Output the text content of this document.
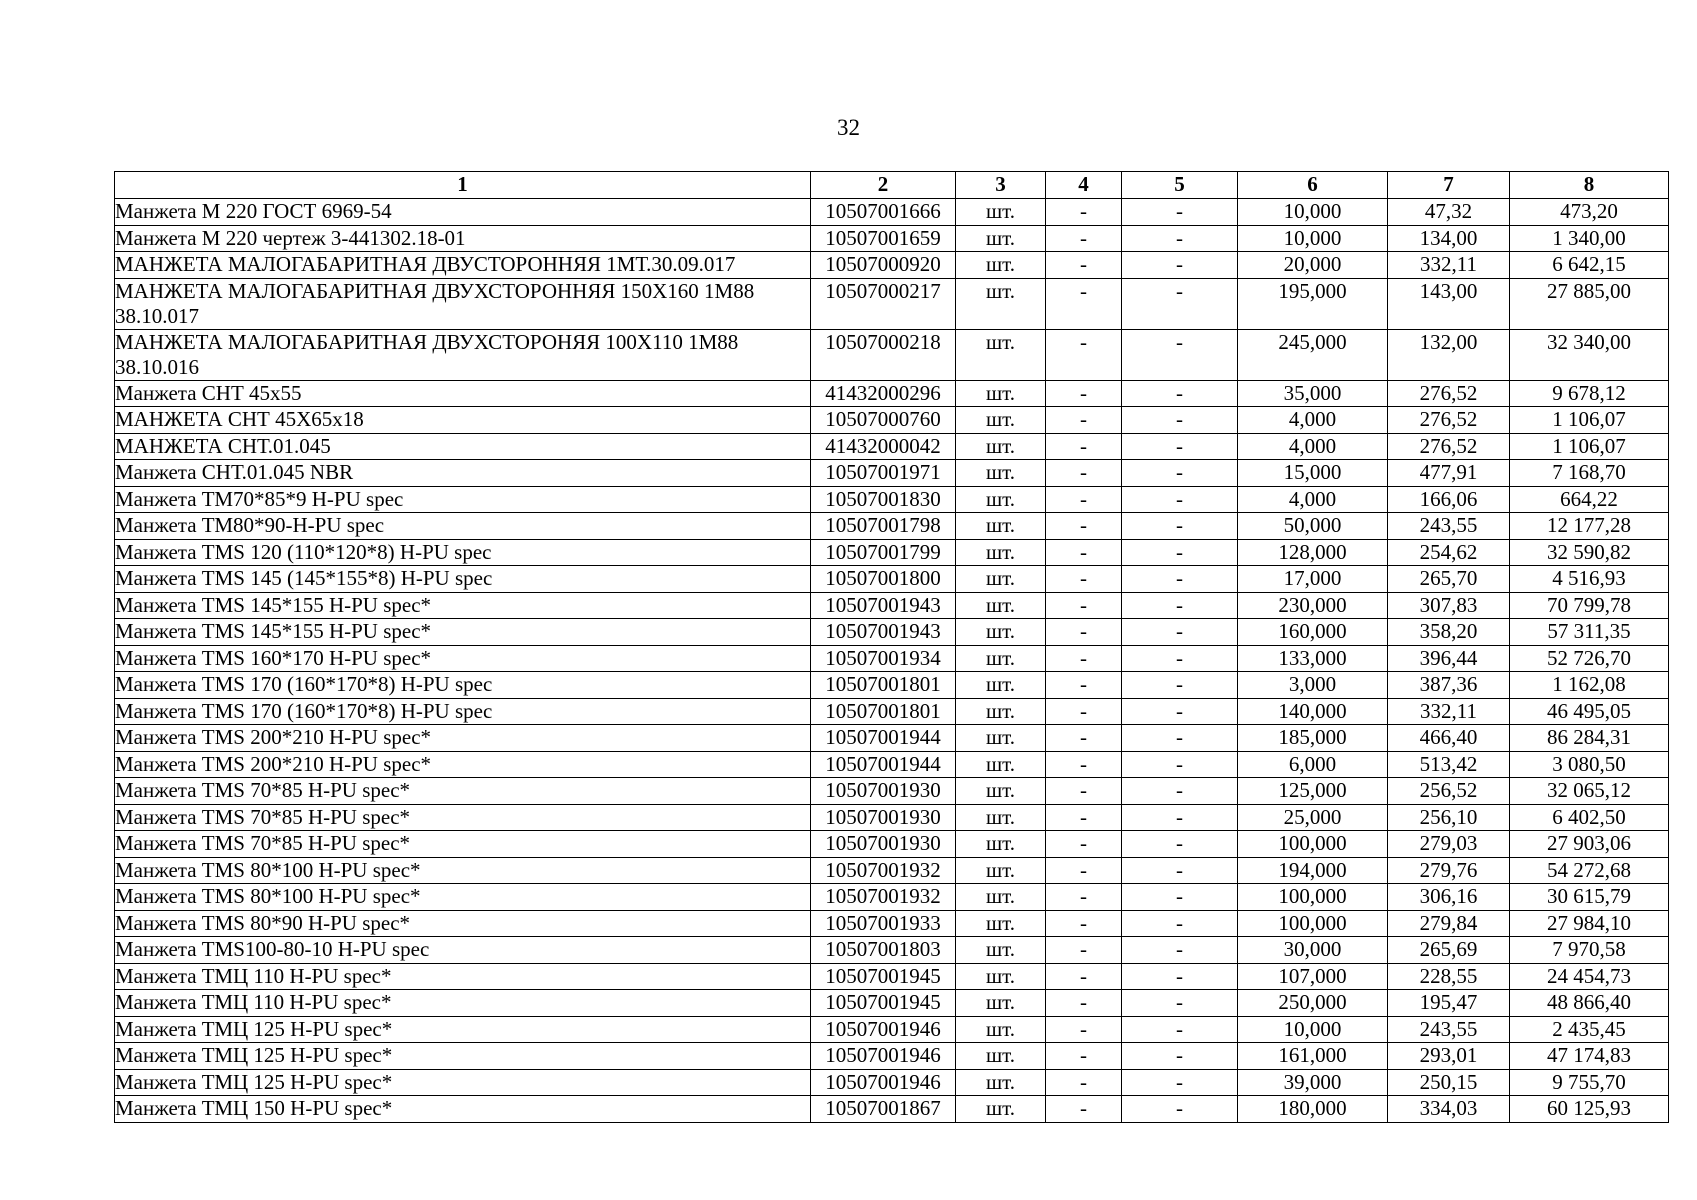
32
1	2	3	4	5	6	7	8
Манжета М 220 ГОСТ 6969-54	10507001666	шт.	-	-	10,000	47,32	473,20
Манжета М 220 чертеж 3-441302.18-01	10507001659	шт.	-	-	10,000	134,00	1 340,00
МАНЖЕТА МАЛОГАБАРИТНАЯ ДВУСТОРОННЯЯ 1МТ.30.09.017	10507000920	шт.	-	-	20,000	332,11	6 642,15
МАНЖЕТА МАЛОГАБАРИТНАЯ ДВУХСТОРОННЯЯ 150Х160 1М88 38.10.017	10507000217	шт.	-	-	195,000	143,00	27 885,00
МАНЖЕТА МАЛОГАБАРИТНАЯ ДВУХСТОРОНЯЯ 100Х110 1М88 38.10.016	10507000218	шт.	-	-	245,000	132,00	32 340,00
Манжета СНТ 45х55	41432000296	шт.	-	-	35,000	276,52	9 678,12
МАНЖЕТА СНТ 45Х65х18	10507000760	шт.	-	-	4,000	276,52	1 106,07
МАНЖЕТА СНТ.01.045	41432000042	шт.	-	-	4,000	276,52	1 106,07
Манжета СНТ.01.045 NBR	10507001971	шт.	-	-	15,000	477,91	7 168,70
Манжета ТМ70*85*9 H-PU spec	10507001830	шт.	-	-	4,000	166,06	664,22
Манжета ТМ80*90-H-PU spec	10507001798	шт.	-	-	50,000	243,55	12 177,28
Манжета TMS 120 (110*120*8) H-PU spec	10507001799	шт.	-	-	128,000	254,62	32 590,82
Манжета TMS 145 (145*155*8) H-PU spec	10507001800	шт.	-	-	17,000	265,70	4 516,93
Манжета TMS 145*155 H-PU spec*	10507001943	шт.	-	-	230,000	307,83	70 799,78
Манжета TMS 145*155 H-PU spec*	10507001943	шт.	-	-	160,000	358,20	57 311,35
Манжета TMS 160*170 H-PU spec*	10507001934	шт.	-	-	133,000	396,44	52 726,70
Манжета TMS 170 (160*170*8) H-PU spec	10507001801	шт.	-	-	3,000	387,36	1 162,08
Манжета TMS 170 (160*170*8) H-PU spec	10507001801	шт.	-	-	140,000	332,11	46 495,05
Манжета TMS 200*210 H-PU spec*	10507001944	шт.	-	-	185,000	466,40	86 284,31
Манжета TMS 200*210 H-PU spec*	10507001944	шт.	-	-	6,000	513,42	3 080,50
Манжета TMS 70*85 H-PU spec*	10507001930	шт.	-	-	125,000	256,52	32 065,12
Манжета TMS 70*85 H-PU spec*	10507001930	шт.	-	-	25,000	256,10	6 402,50
Манжета TMS 70*85 H-PU spec*	10507001930	шт.	-	-	100,000	279,03	27 903,06
Манжета TMS 80*100 H-PU spec*	10507001932	шт.	-	-	194,000	279,76	54 272,68
Манжета TMS 80*100 H-PU spec*	10507001932	шт.	-	-	100,000	306,16	30 615,79
Манжета TMS 80*90 H-PU spec*	10507001933	шт.	-	-	100,000	279,84	27 984,10
Манжета TMS100-80-10 H-PU spec	10507001803	шт.	-	-	30,000	265,69	7 970,58
Манжета ТМЦ 110 H-PU spec*	10507001945	шт.	-	-	107,000	228,55	24 454,73
Манжета ТМЦ 110 H-PU spec*	10507001945	шт.	-	-	250,000	195,47	48 866,40
Манжета ТМЦ 125 H-PU spec*	10507001946	шт.	-	-	10,000	243,55	2 435,45
Манжета ТМЦ 125 H-PU spec*	10507001946	шт.	-	-	161,000	293,01	47 174,83
Манжета ТМЦ 125 H-PU spec*	10507001946	шт.	-	-	39,000	250,15	9 755,70
Манжета ТМЦ 150 H-PU spec*	10507001867	шт.	-	-	180,000	334,03	60 125,93
